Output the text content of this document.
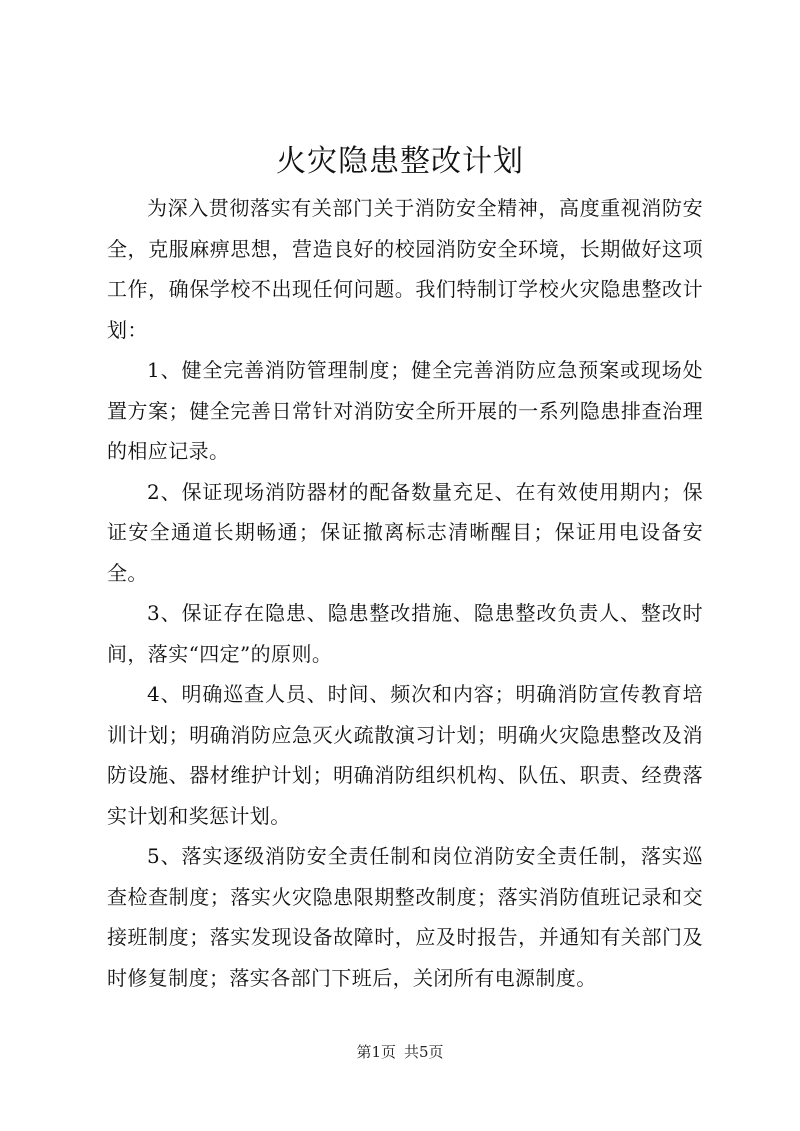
火灾隐患整改计划

为深入贯彻落实有关部门关于消防安全精神，高度重视消防安全，克服麻痹思想，营造良好的校园消防安全环境，长期做好这项工作，确保学校不出现任何问题。我们特制订学校火灾隐患整改计划：

1、健全完善消防管理制度；健全完善消防应急预案或现场处置方案；健全完善日常针对消防安全所开展的一系列隐患排查治理的相应记录。

2、保证现场消防器材的配备数量充足、在有效使用期内；保证安全通道长期畅通；保证撤离标志清晰醒目；保证用电设备安全。

3、保证存在隐患、隐患整改措施、隐患整改负责人、整改时间，落实“四定”的原则。

4、明确巡查人员、时间、频次和内容；明确消防宣传教育培训计划；明确消防应急灭火疏散演习计划；明确火灾隐患整改及消防设施、器材维护计划；明确消防组织机构、队伍、职责、经费落实计划和奖惩计划。

5、落实逐级消防安全责任制和岗位消防安全责任制，落实巡查检查制度；落实火灾隐患限期整改制度；落实消防值班记录和交接班制度；落实发现设备故障时，应及时报告，并通知有关部门及时修复制度；落实各部门下班后，关闭所有电源制度。

第1页 共5页
